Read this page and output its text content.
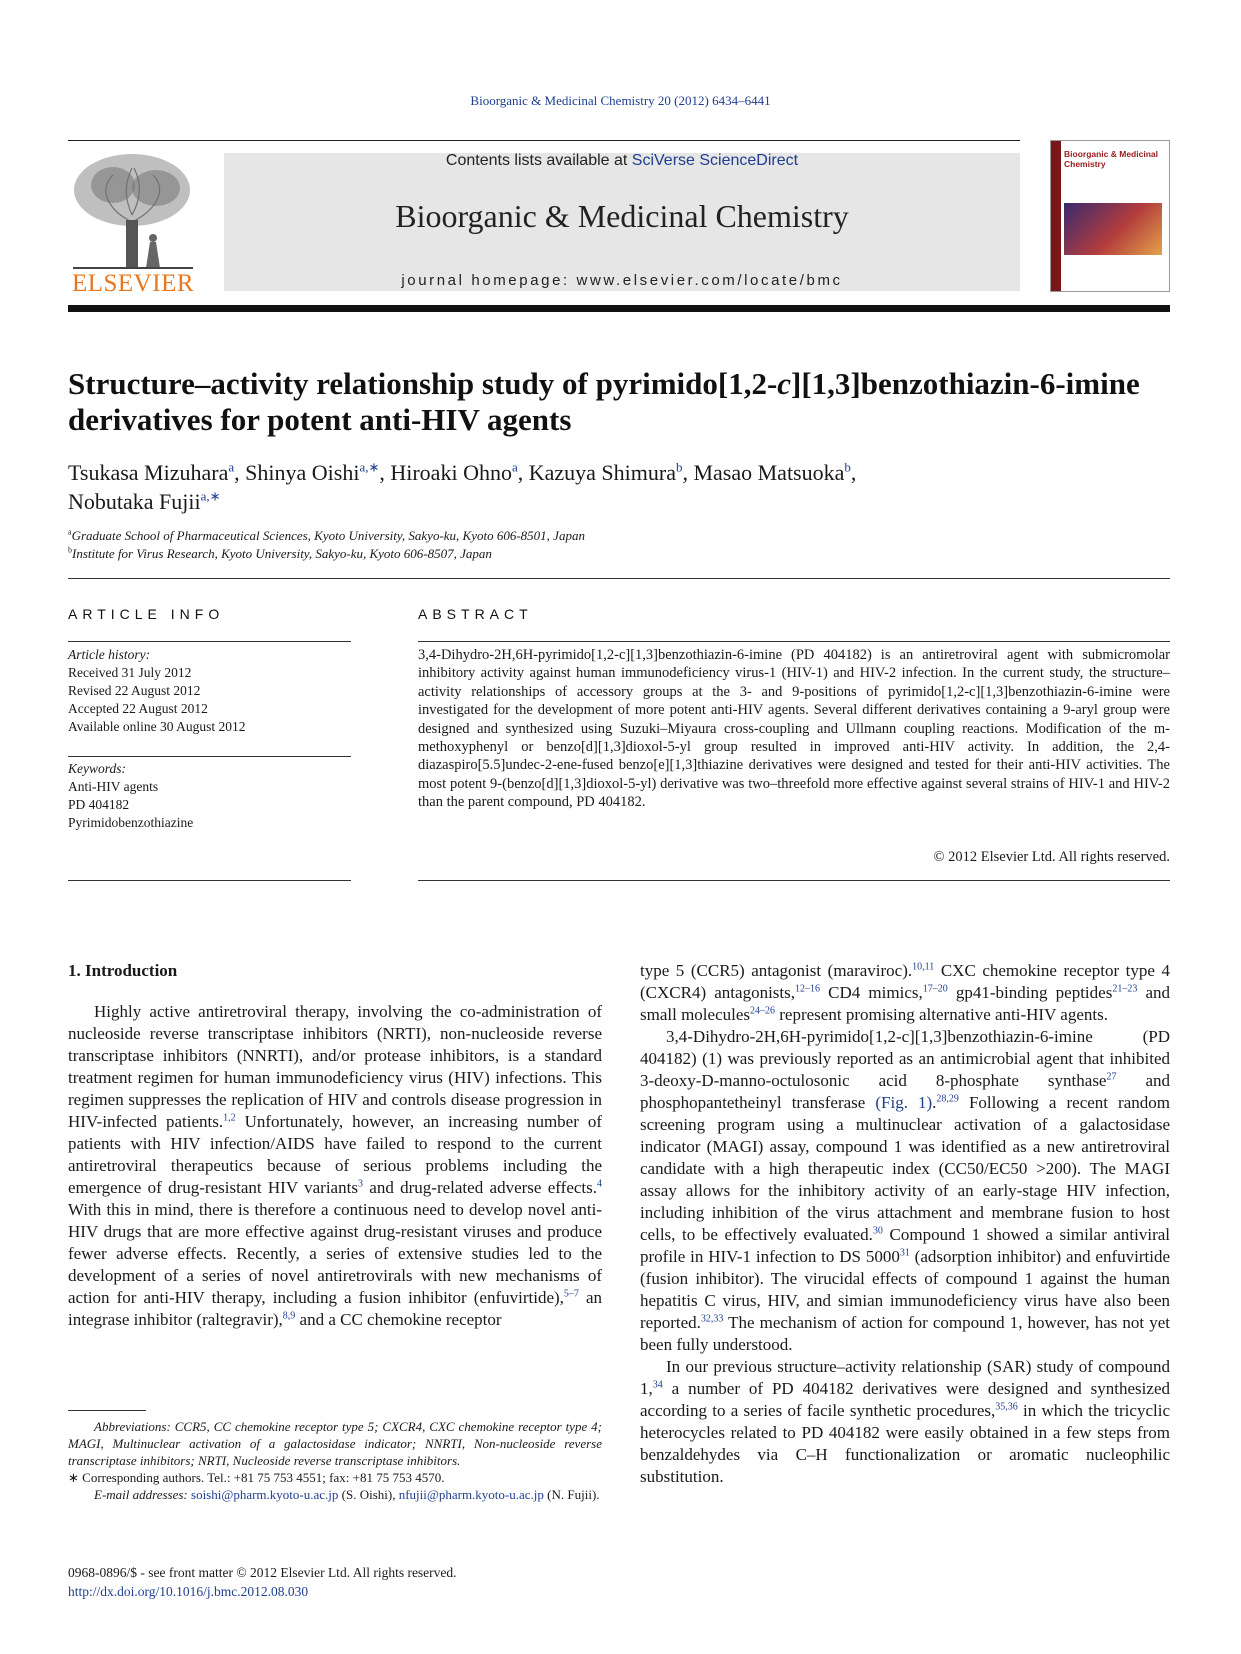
Bioorganic & Medicinal Chemistry 20 (2012) 6434–6441
ELSEVIER
Contents lists available at SciVerse ScienceDirect
Bioorganic & Medicinal Chemistry
journal homepage: www.elsevier.com/locate/bmc
Bioorganic & Medicinal Chemistry
Structure–activity relationship study of pyrimido[1,2-c][1,3]benzothiazin-6-imine derivatives for potent anti-HIV agents
Tsukasa Mizuhara$^a$, Shinya Oishi$^{a,∗}$, Hiroaki Ohno$^a$, Kazuya Shimura$^b$, Masao Matsuoka$^b$,
Nobutaka Fujii$^{a,∗}$
$^a$Graduate School of Pharmaceutical Sciences, Kyoto University, Sakyo-ku, Kyoto 606-8501, Japan
$^b$Institute for Virus Research, Kyoto University, Sakyo-ku, Kyoto 606-8507, Japan
ARTICLE INFO
Article history:
Received 31 July 2012
Revised 22 August 2012
Accepted 22 August 2012
Available online 30 August 2012
Keywords:
Anti-HIV agents
PD 404182
Pyrimidobenzothiazine
ABSTRACT
3,4-Dihydro-2H,6H-pyrimido[1,2-c][1,3]benzothiazin-6-imine (PD 404182) is an antiretroviral agent with submicromolar inhibitory activity against human immunodeficiency virus-1 (HIV-1) and HIV-2 infection. In the current study, the structure–activity relationships of accessory groups at the 3- and 9-positions of pyrimido[1,2-c][1,3]benzothiazin-6-imine were investigated for the development of more potent anti-HIV agents. Several different derivatives containing a 9-aryl group were designed and synthesized using Suzuki–Miyaura cross-coupling and Ullmann coupling reactions. Modification of the m-methoxyphenyl or benzo[d][1,3]dioxol-5-yl group resulted in improved anti-HIV activity. In addition, the 2,4-diazaspiro[5.5]undec-2-ene-fused benzo[e][1,3]thiazine derivatives were designed and tested for their anti-HIV activities. The most potent 9-(benzo[d][1,3]dioxol-5-yl) derivative was two–threefold more effective against several strains of HIV-1 and HIV-2 than the parent compound, PD 404182.
© 2012 Elsevier Ltd. All rights reserved.
1. Introduction

Highly active antiretroviral therapy, involving the co-administration of nucleoside reverse transcriptase inhibitors (NRTI), non-nucleoside reverse transcriptase inhibitors (NNRTI), and/or protease inhibitors, is a standard treatment regimen for human immunodeficiency virus (HIV) infections. This regimen suppresses the replication of HIV and controls disease progression in HIV-infected patients.$^{1,2}$ Unfortunately, however, an increasing number of patients with HIV infection/AIDS have failed to respond to the current antiretroviral therapeutics because of serious problems including the emergence of drug-resistant HIV variants$^3$ and drug-related adverse effects.$^4$ With this in mind, there is therefore a continuous need to develop novel anti-HIV drugs that are more effective against drug-resistant viruses and produce fewer adverse effects. Recently, a series of extensive studies led to the development of a series of novel antiretrovirals with new mechanisms of action for anti-HIV therapy, including a fusion inhibitor (enfuvirtide),$^{5-7}$ an integrase inhibitor (raltegravir),$^{8,9}$ and a CC chemokine receptor

type 5 (CCR5) antagonist (maraviroc).$^{10,11}$ CXC chemokine receptor type 4 (CXCR4) antagonists,$^{12-16}$ CD4 mimics,$^{17-20}$ gp41-binding peptides$^{21-23}$ and small molecules$^{24-26}$ represent promising alternative anti-HIV agents.

3,4-Dihydro-2H,6H-pyrimido[1,2-c][1,3]benzothiazin-6-imine (PD 404182) (1) was previously reported as an antimicrobial agent that inhibited 3-deoxy-D-manno-octulosonic acid 8-phosphate synthase$^{27}$ and phosphopantetheinyl transferase (Fig. 1).$^{28,29}$ Following a recent random screening program using a multinuclear activation of a galactosidase indicator (MAGI) assay, compound 1 was identified as a new antiretroviral candidate with a high therapeutic index (CC50/EC50 >200). The MAGI assay allows for the inhibitory activity of an early-stage HIV infection, including inhibition of the virus attachment and membrane fusion to host cells, to be effectively evaluated.$^{30}$ Compound 1 showed a similar antiviral profile in HIV-1 infection to DS 5000$^{31}$ (adsorption inhibitor) and enfuvirtide (fusion inhibitor). The virucidal effects of compound 1 against the human hepatitis C virus, HIV, and simian immunodeficiency virus have also been reported.$^{32,33}$ The mechanism of action for compound 1, however, has not yet been fully understood.

In our previous structure–activity relationship (SAR) study of compound 1,34 a number of PD 404182 derivatives were designed and synthesized according to a series of facile synthetic procedures,$^{35,36}$ in which the tricyclic heterocycles related to PD 404182 were easily obtained in a few steps from benzaldehydes via C–H functionalization or aromatic nucleophilic substitution.

Abbreviations: CCR5, CC chemokine receptor type 5; CXCR4, CXC chemokine receptor type 4; MAGI, Multinuclear activation of a galactosidase indicator; NNRTI, Non-nucleoside reverse transcriptase inhibitors; NRTI, Nucleoside reverse transcriptase inhibitors.

∗ Corresponding authors. Tel.: +81 75 753 4551; fax: +81 75 753 4570.

E-mail addresses: soishi@pharm.kyoto-u.ac.jp (S. Oishi), nfujii@pharm.kyoto-u.ac.jp (N. Fujii).

0968-0896/$ - see front matter © 2012 Elsevier Ltd. All rights reserved.
http://dx.doi.org/10.1016/j.bmc.2012.08.030
